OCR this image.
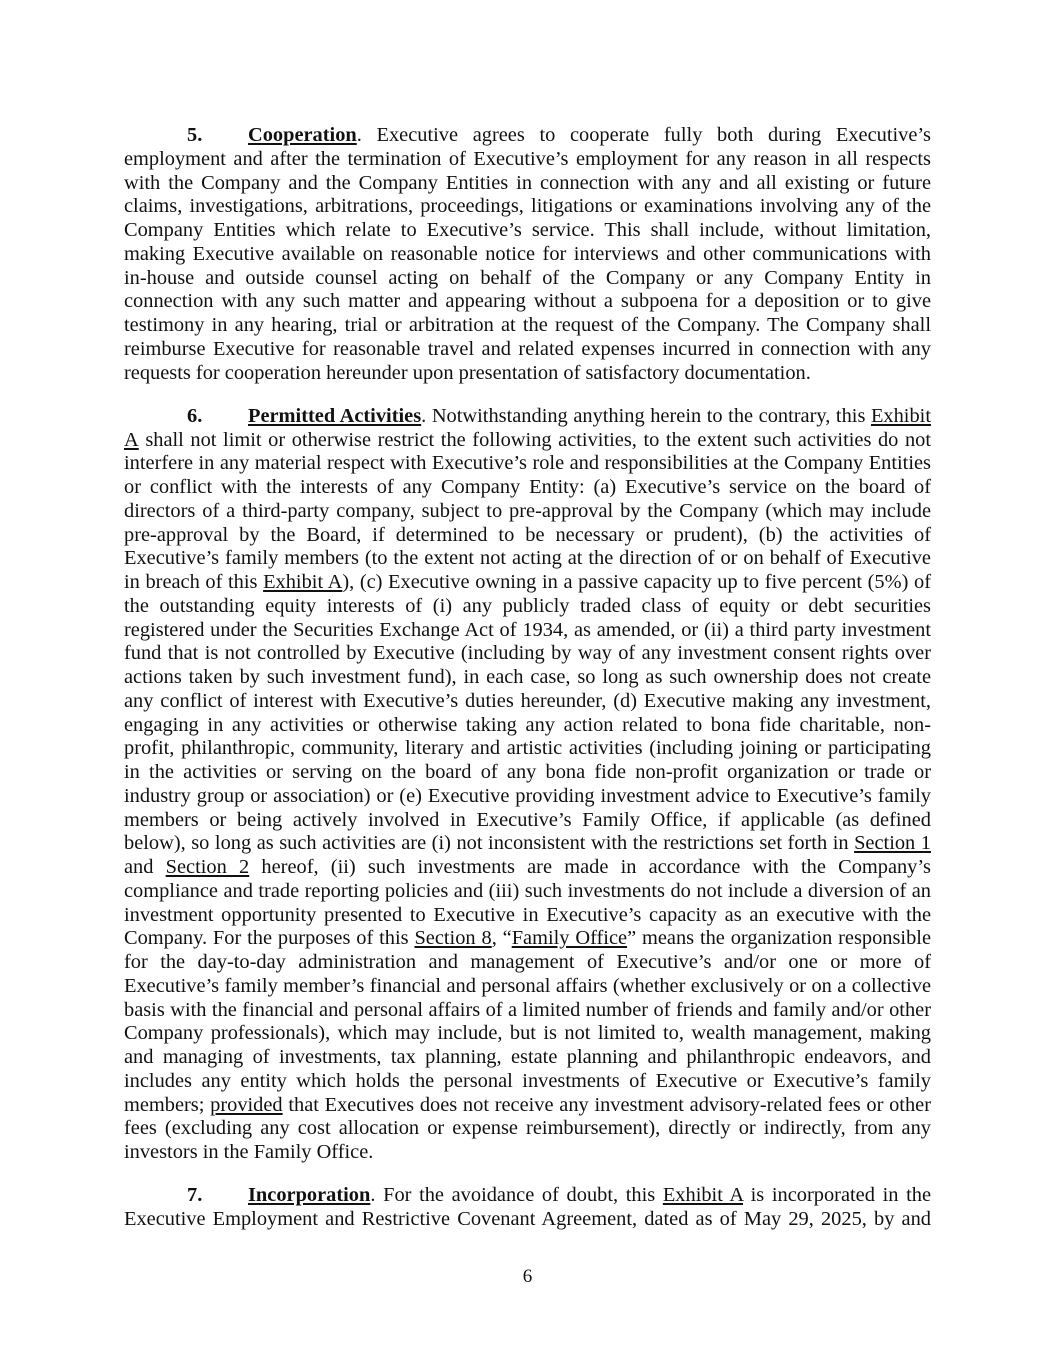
5. Cooperation. Executive agrees to cooperate fully both during Executive’s employment and after the termination of Executive’s employment for any reason in all respects with the Company and the Company Entities in connection with any and all existing or future claims, investigations, arbitrations, proceedings, litigations or examinations involving any of the Company Entities which relate to Executive’s service. This shall include, without limitation, making Executive available on reasonable notice for interviews and other communications with in-house and outside counsel acting on behalf of the Company or any Company Entity in connection with any such matter and appearing without a subpoena for a deposition or to give testimony in any hearing, trial or arbitration at the request of the Company. The Company shall reimburse Executive for reasonable travel and related expenses incurred in connection with any requests for cooperation hereunder upon presentation of satisfactory documentation.

6. Permitted Activities. Notwithstanding anything herein to the contrary, this Exhibit A shall not limit or otherwise restrict the following activities, to the extent such activities do not interfere in any material respect with Executive’s role and responsibilities at the Company Entities or conflict with the interests of any Company Entity: (a) Executive’s service on the board of directors of a third-party company, subject to pre-approval by the Company (which may include pre-approval by the Board, if determined to be necessary or prudent), (b) the activities of Executive’s family members (to the extent not acting at the direction of or on behalf of Executive in breach of this Exhibit A), (c) Executive owning in a passive capacity up to five percent (5%) of the outstanding equity interests of (i) any publicly traded class of equity or debt securities registered under the Securities Exchange Act of 1934, as amended, or (ii) a third party investment fund that is not controlled by Executive (including by way of any investment consent rights over actions taken by such investment fund), in each case, so long as such ownership does not create any conflict of interest with Executive’s duties hereunder, (d) Executive making any investment, engaging in any activities or otherwise taking any action related to bona fide charitable, non-profit, philanthropic, community, literary and artistic activities (including joining or participating in the activities or serving on the board of any bona fide non-profit organization or trade or industry group or association) or (e) Executive providing investment advice to Executive’s family members or being actively involved in Executive’s Family Office, if applicable (as defined below), so long as such activities are (i) not inconsistent with the restrictions set forth in Section 1 and Section 2 hereof, (ii) such investments are made in accordance with the Company’s compliance and trade reporting policies and (iii) such investments do not include a diversion of an investment opportunity presented to Executive in Executive’s capacity as an executive with the Company. For the purposes of this Section 8, “Family Office” means the organization responsible for the day-to-day administration and management of Executive’s and/or one or more of Executive’s family member’s financial and personal affairs (whether exclusively or on a collective basis with the financial and personal affairs of a limited number of friends and family and/or other Company professionals), which may include, but is not limited to, wealth management, making and managing of investments, tax planning, estate planning and philanthropic endeavors, and includes any entity which holds the personal investments of Executive or Executive’s family members; provided that Executives does not receive any investment advisory-related fees or other fees (excluding any cost allocation or expense reimbursement), directly or indirectly, from any investors in the Family Office.

7. Incorporation. For the avoidance of doubt, this Exhibit A is incorporated in the Executive Employment and Restrictive Covenant Agreement, dated as of May 29, 2025, by and

6
